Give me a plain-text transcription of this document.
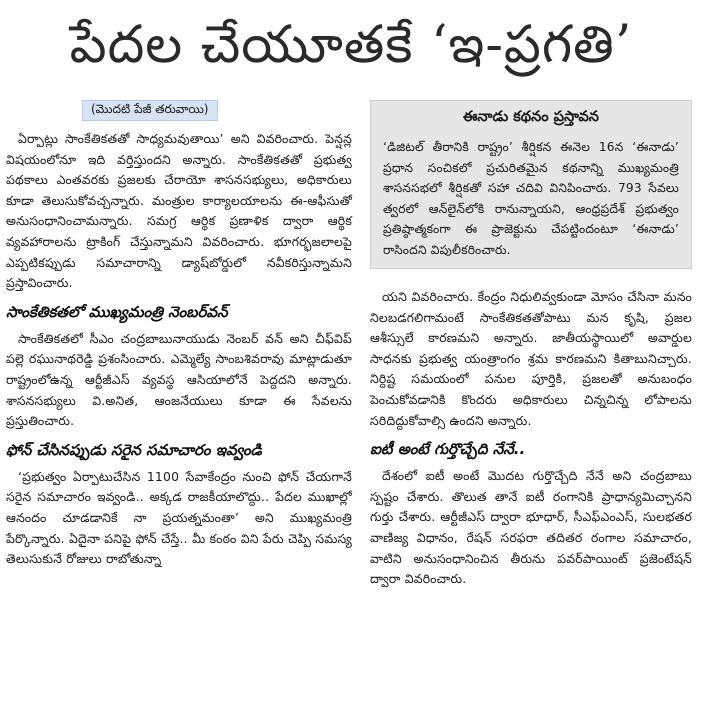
పేదల చేయూతకే ‘ఇ-ప్రగతి’
(మొదటి పేజీ తరువాయి)

ఏర్పాట్లు సాంకేతికతతో సాధ్యమవుతాయి’ అని వివరించారు. పెన్షన్ల విషయంలోనూ ఇది వర్తిస్తుందని అన్నారు. సాంకేతికతతో ప్రభుత్వ పథకాలు ఎంతవరకు ప్రజలకు చేరాయో శాసనసభ్యులు, అధికారులు కూడా తెలుసుకోవచ్చన్నారు. మంత్రుల కార్యాలయాలను ఈ-ఆఫీసుతో అనుసంధానించామన్నారు. సమగ్ర ఆర్థిక ప్రణాళిక ద్వారా ఆర్థిక వ్యవహారాలను ట్రాకింగ్ చేస్తున్నామని వివరించారు. భూగర్భజలాలపై ఎప్పటికప్పుడు సమాచారాన్ని డ్యాష్‌బోర్డులో నవీకరిస్తున్నామని ప్రస్తావించారు.

సాంకేతికతలో ముఖ్యమంత్రి నెంబర్‌వన్

సాంకేతికతలో సీఎం చంద్రబాబునాయుడు నెంబర్ వన్ అని చీఫ్‌విప్ పల్లె రఘునాథరెడ్డి ప్రశంసించారు. ఎమ్మెల్యే సాంబశివరావు మాట్లాడుతూ రాష్ట్రంలోఉన్న ఆర్టీజీఎస్ వ్యవస్థ ఆసియాలోనే పెద్దదని అన్నారు. శాసనసభ్యులు వి.అనిత, ఆంజనేయులు కూడా ఈ సేవలను ప్రస్తుతించారు.

ఫోన్ చేసినప్పుడు సరైన సమాచారం ఇవ్వండి

‘ప్రభుత్వం ఏర్పాటుచేసిన 1100 సేవాకేంద్రం నుంచి ఫోన్ చేయగానే సరైన సమాచారం ఇవ్వండి.. అక్కడ రాజకీయాలొద్దు.. పేదల ముఖాల్లో ఆనందం చూడడానికే నా ప్రయత్నమంతా’ అని ముఖ్యమంత్రి పేర్కొన్నారు. ఏదైనా పనిపై ఫోన్ చేస్తే.. మీ కంఠం విని పేరు చెప్పి సమస్య తెలుసుకునే రోజులు రాబోతున్నా

ఈనాడు కథనం ప్రస్తావన

‘డిజిటల్ తీరానికి రాష్ట్రం’ శీర్షికన ఈనెల 16న ‘ఈనాడు’ ప్రధాన సంచికలో ప్రచురితమైన కథనాన్ని ముఖ్యమంత్రి శాసనసభలో శీర్షికతో సహా చదివి వినిపించారు. 793 సేవలు త్వరలో ఆన్‌లైన్‌లోకి రానున్నాయని, ఆంధ్రప్రదేశ్ ప్రభుత్వం ప్రతిష్ఠాత్మకంగా ఈ ప్రాజెక్టును చేపట్టిందంటూ ‘ఈనాడు’ రాసిందని విపులీకరించారు.

యని వివరించారు. కేంద్రం నిధులివ్వకుండా మోసం చేసినా మనం నిలబడగలిగామంటే సాంకేతికతతోపాటు మన కృషి, ప్రజల ఆశీస్సులే కారణమని అన్నారు. జాతీయస్థాయిలో అవార్డుల సాధనకు ప్రభుత్వ యంత్రాంగం శ్రమ కారణమని కితాబునిచ్చారు. నిర్దిష్ట సమయంలో పనుల పూర్తికి, ప్రజలతో అనుబంధం పెంచుకోవడానికి కొందరు అధికారులు చిన్నచిన్న లోపాలను సరిదిద్దుకోవాల్సి ఉందని అన్నారు.

ఐటీ అంటే గుర్తొచ్చేది నేనే..

దేశంలో ఐటీ అంటే మొదట గుర్తొచ్చేది నేనే అని చంద్రబాబు స్పష్టం చేశారు. తొలుత తానే ఐటీ రంగానికి ప్రాధాన్యమిచ్చానని గుర్తు చేశారు. ఆర్టీజీఎస్ ద్వారా భూధార్, సీఎఫ్‌ఎంఎస్, సులభతర వాణిజ్య విధానం, రేషన్ సరఫరా తదితర రంగాల సమాచారం, వాటిని అనుసంధానించిన తీరును పవర్‌పాయింట్ ప్రజెంటేషన్ ద్వారా వివరించారు.
